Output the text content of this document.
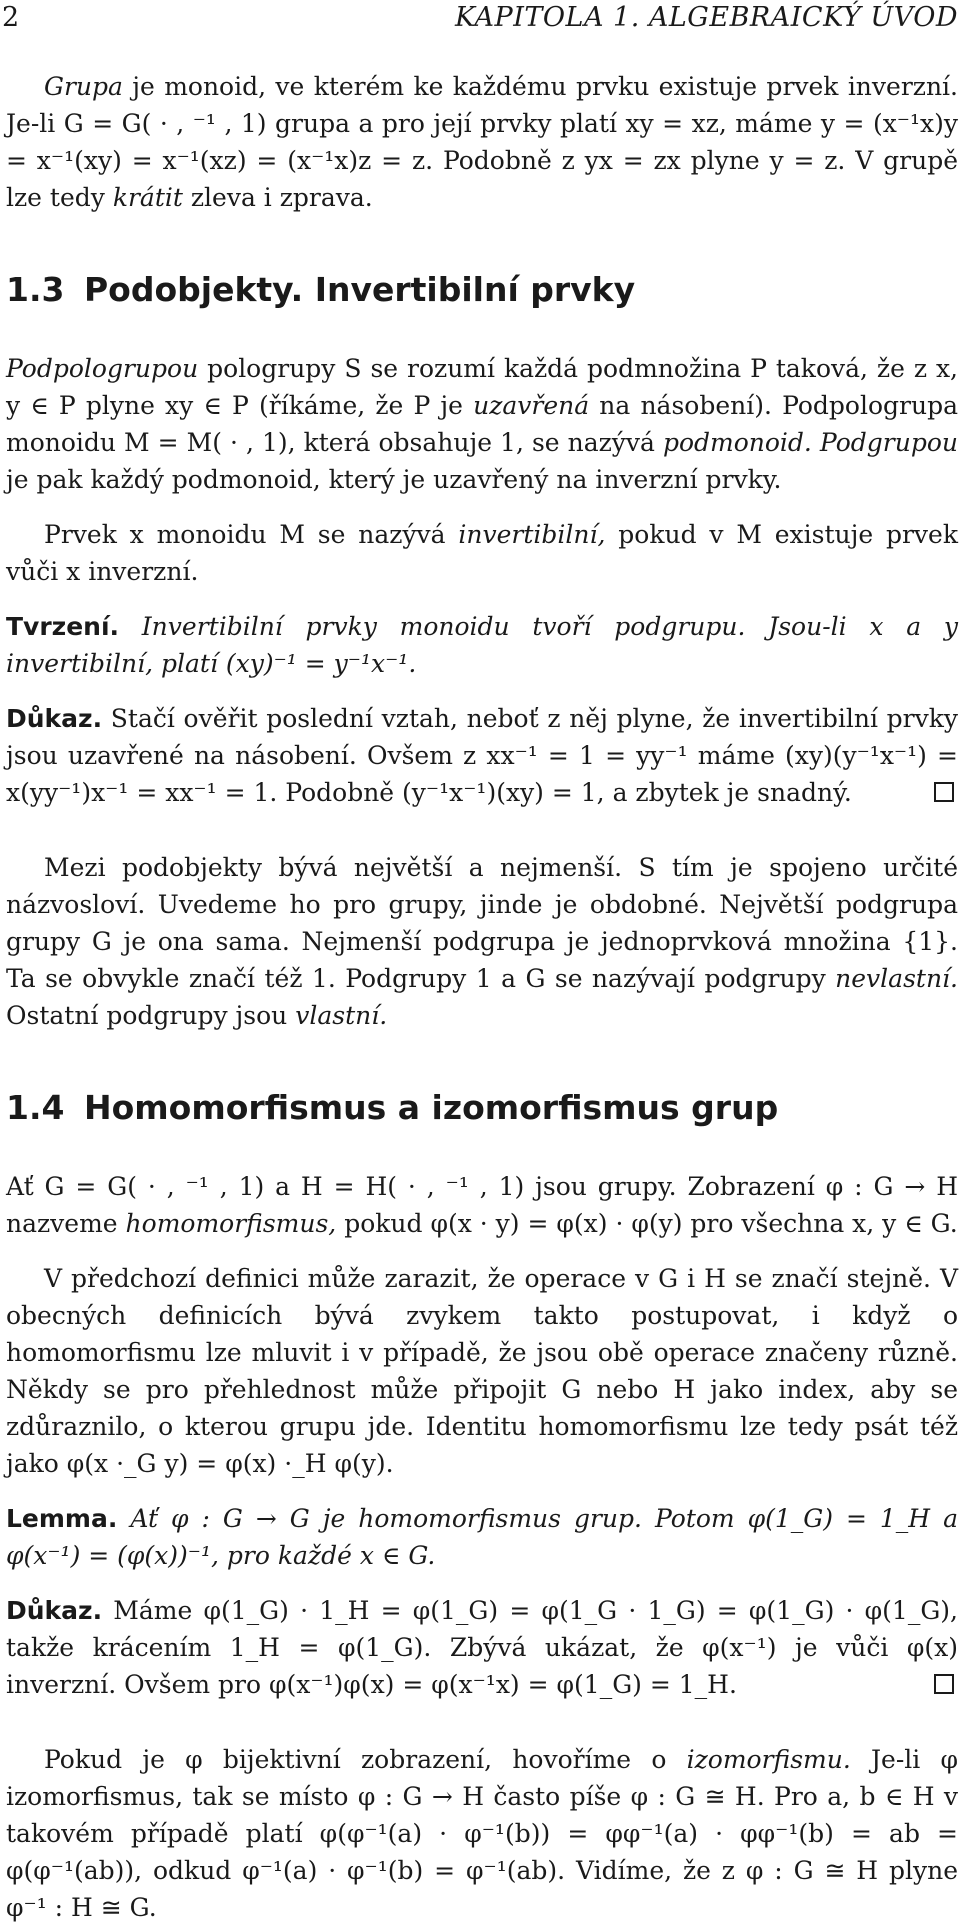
2	KAPITOLA 1. ALGEBRAICKÝ ÚVOD

Grupa je monoid, ve kterém ke každému prvku existuje prvek inverzní. Je-li G = G( · , ⁻¹ , 1) grupa a pro její prvky platí xy = xz, máme y = (x⁻¹x)y = x⁻¹(xy) = x⁻¹(xz) = (x⁻¹x)z = z. Podobně z yx = zx plyne y = z. V grupě lze tedy krátit zleva i zprava.

1.3 Podobjekty. Invertibilní prvky

Podpologrupou pologrupy S se rozumí každá podmnožina P taková, že z x, y ∈ P plyne xy ∈ P (říkáme, že P je uzavřená na násobení). Podpologrupa monoidu M = M( · , 1), která obsahuje 1, se nazývá podmonoid. Podgrupou je pak každý podmonoid, který je uzavřený na inverzní prvky.

Prvek x monoidu M se nazývá invertibilní, pokud v M existuje prvek vůči x inverzní.

Tvrzení. Invertibilní prvky monoidu tvoří podgrupu. Jsou-li x a y invertibilní, platí (xy)⁻¹ = y⁻¹x⁻¹.

Důkaz. Stačí ověřit poslední vztah, neboť z něj plyne, že invertibilní prvky jsou uzavřené na násobení. Ovšem z xx⁻¹ = 1 = yy⁻¹ máme (xy)(y⁻¹x⁻¹) = x(yy⁻¹)x⁻¹ = xx⁻¹ = 1. Podobně (y⁻¹x⁻¹)(xy) = 1, a zbytek je snadný.

Mezi podobjekty bývá největší a nejmenší. S tím je spojeno určité názvosloví. Uvedeme ho pro grupy, jinde je obdobné. Největší podgrupa grupy G je ona sama. Nejmenší podgrupa je jednoprvková množina {1}. Ta se obvykle značí též 1. Podgrupy 1 a G se nazývají podgrupy nevlastní. Ostatní podgrupy jsou vlastní.

1.4 Homomorfismus a izomorfismus grup

Ať G = G( · , ⁻¹ , 1) a H = H( · , ⁻¹ , 1) jsou grupy. Zobrazení φ : G → H nazveme homomorfismus, pokud φ(x · y) = φ(x) · φ(y) pro všechna x, y ∈ G.

V předchozí definici může zarazit, že operace v G i H se značí stejně. V obecných definicích bývá zvykem takto postupovat, i když o homomorfismu lze mluvit i v případě, že jsou obě operace značeny různě. Někdy se pro přehlednost může připojit G nebo H jako index, aby se zdůraznilo, o kterou grupu jde. Identitu homomorfismu lze tedy psát též jako φ(x ·_G y) = φ(x) ·_H φ(y).

Lemma. Ať φ : G → G je homomorfismus grup. Potom φ(1_G) = 1_H a φ(x⁻¹) = (φ(x))⁻¹, pro každé x ∈ G.

Důkaz. Máme φ(1_G) · 1_H = φ(1_G) = φ(1_G · 1_G) = φ(1_G) · φ(1_G), takže krácením 1_H = φ(1_G). Zbývá ukázat, že φ(x⁻¹) je vůči φ(x) inverzní. Ovšem pro φ(x⁻¹)φ(x) = φ(x⁻¹x) = φ(1_G) = 1_H.

Pokud je φ bijektivní zobrazení, hovoříme o izomorfismu. Je-li φ izomorfismus, tak se místo φ : G → H často píše φ : G ≅ H. Pro a, b ∈ H v takovém případě platí φ(φ⁻¹(a) · φ⁻¹(b)) = φφ⁻¹(a) · φφ⁻¹(b) = ab = φ(φ⁻¹(ab)), odkud φ⁻¹(a) · φ⁻¹(b) = φ⁻¹(ab). Vidíme, že z φ : G ≅ H plyne φ⁻¹ : H ≅ G.
